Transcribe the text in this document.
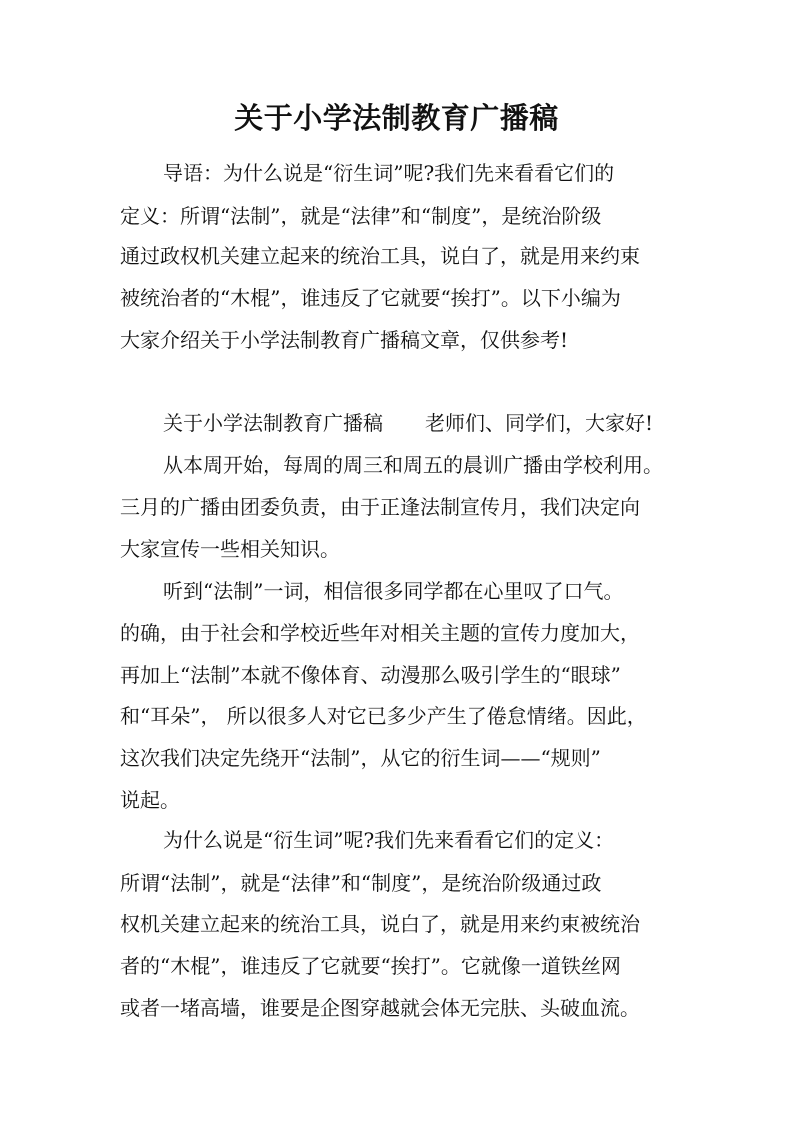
关于小学法制教育广播稿
导语：为什么说是“衍生词”呢?我们先来看看它们的
定义：所谓“法制”，就是“法律”和“制度”，是统治阶级
通过政权机关建立起来的统治工具，说白了，就是用来约束
被统治者的“木棍”，谁违反了它就要“挨打”。以下小编为
大家介绍关于小学法制教育广播稿文章，仅供参考!
关于小学法制教育广播稿 老师们、同学们，大家好!
从本周开始，每周的周三和周五的晨训广播由学校利用。
三月的广播由团委负责，由于正逢法制宣传月，我们决定向
大家宣传一些相关知识。
听到“法制”一词，相信很多同学都在心里叹了口气。
的确，由于社会和学校近些年对相关主题的宣传力度加大，
再加上“法制”本就不像体育、动漫那么吸引学生的“眼球”
和“耳朵”， 所以很多人对它已多少产生了倦怠情绪。因此，
这次我们决定先绕开“法制”，从它的衍生词——“规则”
说起。
为什么说是“衍生词”呢?我们先来看看它们的定义：
所谓“法制”，就是“法律”和“制度”，是统治阶级通过政
权机关建立起来的统治工具，说白了，就是用来约束被统治
者的“木棍”，谁违反了它就要“挨打”。它就像一道铁丝网
或者一堵高墙，谁要是企图穿越就会体无完肤、头破血流。
